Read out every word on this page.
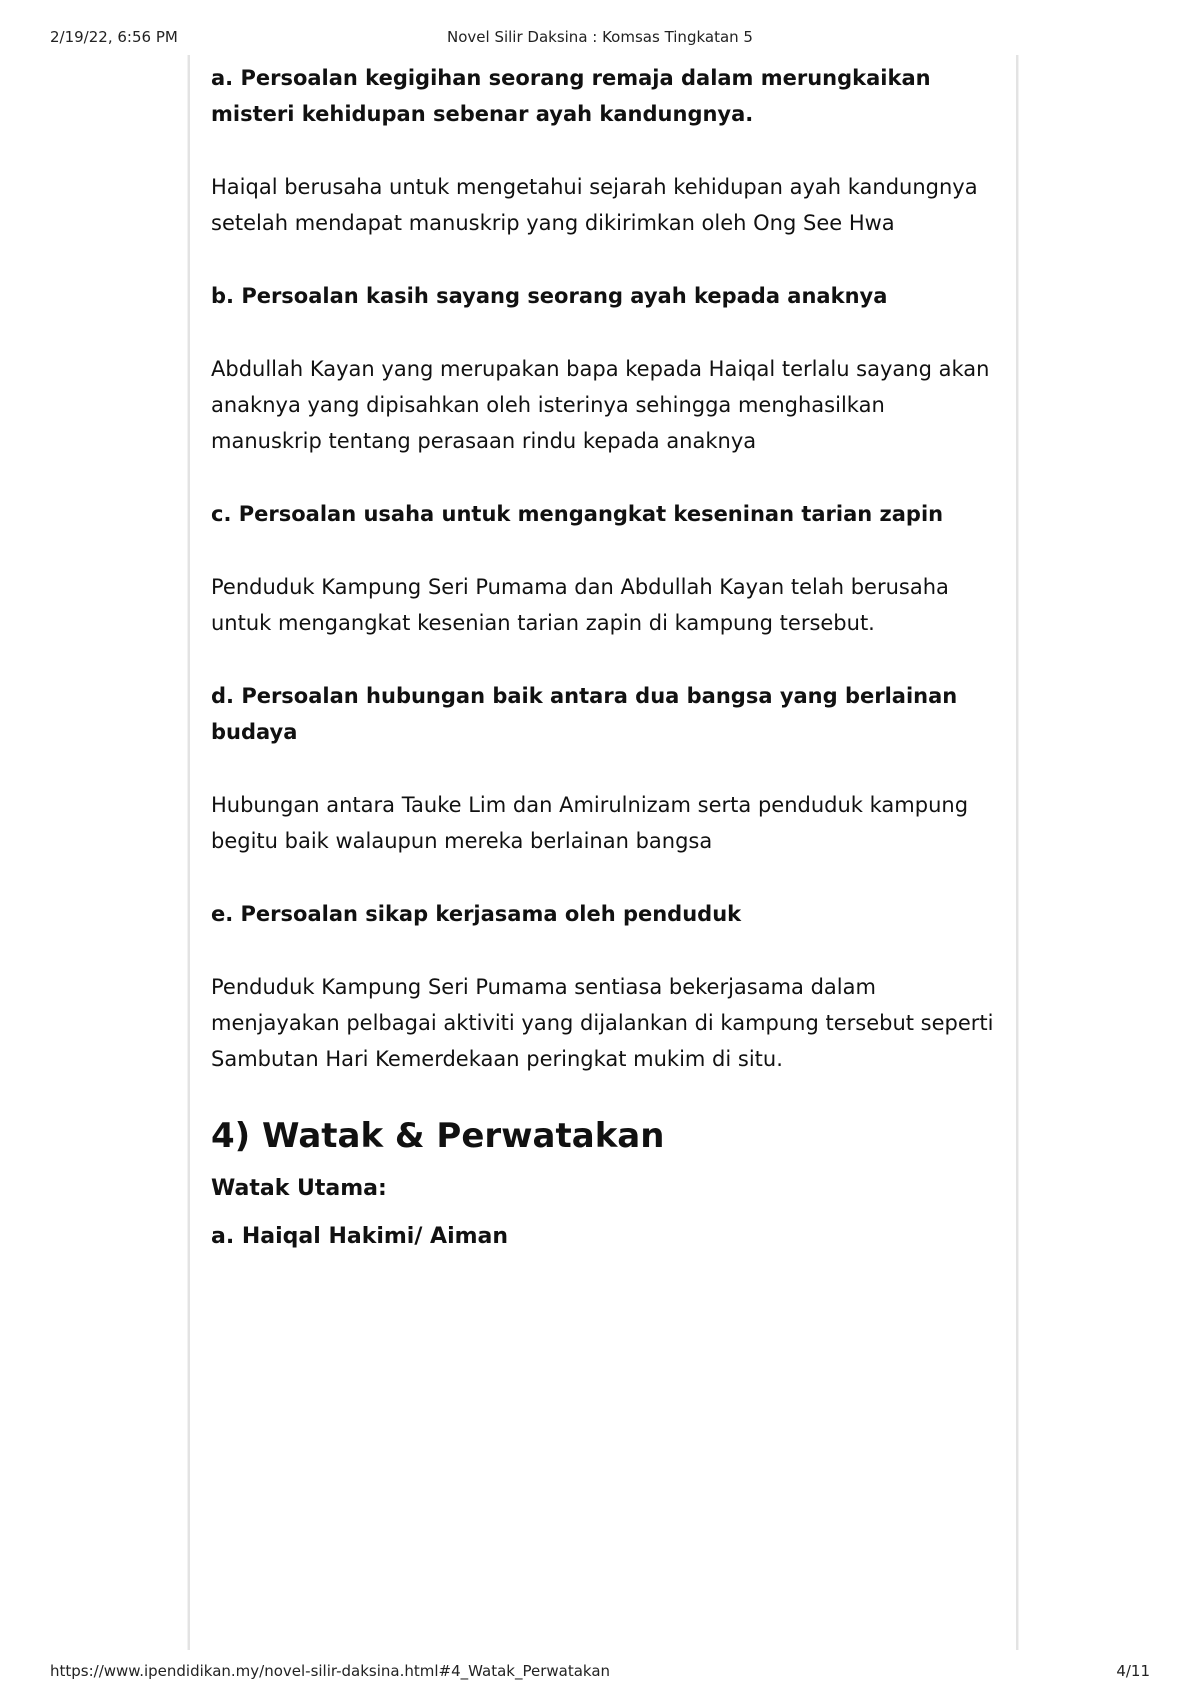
2/19/22, 6:56 PM	Novel Silir Daksina : Komsas Tingkatan 5

a. Persoalan kegigihan seorang remaja dalam merungkaikan misteri kehidupan sebenar ayah kandungnya.

Haiqal berusaha untuk mengetahui sejarah kehidupan ayah kandungnya setelah mendapat manuskrip yang dikirimkan oleh Ong See Hwa

b. Persoalan kasih sayang seorang ayah kepada anaknya

Abdullah Kayan yang merupakan bapa kepada Haiqal terlalu sayang akan anaknya yang dipisahkan oleh isterinya sehingga menghasilkan manuskrip tentang perasaan rindu kepada anaknya

c. Persoalan usaha untuk mengangkat keseninan tarian zapin

Penduduk Kampung Seri Pumama dan Abdullah Kayan telah berusaha untuk mengangkat kesenian tarian zapin di kampung tersebut.

d. Persoalan hubungan baik antara dua bangsa yang berlainan budaya

Hubungan antara Tauke Lim dan Amirulnizam serta penduduk kampung begitu baik walaupun mereka berlainan bangsa

e. Persoalan sikap kerjasama oleh penduduk

Penduduk Kampung Seri Pumama sentiasa bekerjasama dalam menjayakan pelbagai aktiviti yang dijalankan di kampung tersebut seperti Sambutan Hari Kemerdekaan peringkat mukim di situ.

4) Watak & Perwatakan

Watak Utama:

a. Haiqal Hakimi/ Aiman

https://www.ipendidikan.my/novel-silir-daksina.html#4_Watak_Perwatakan	4/11
